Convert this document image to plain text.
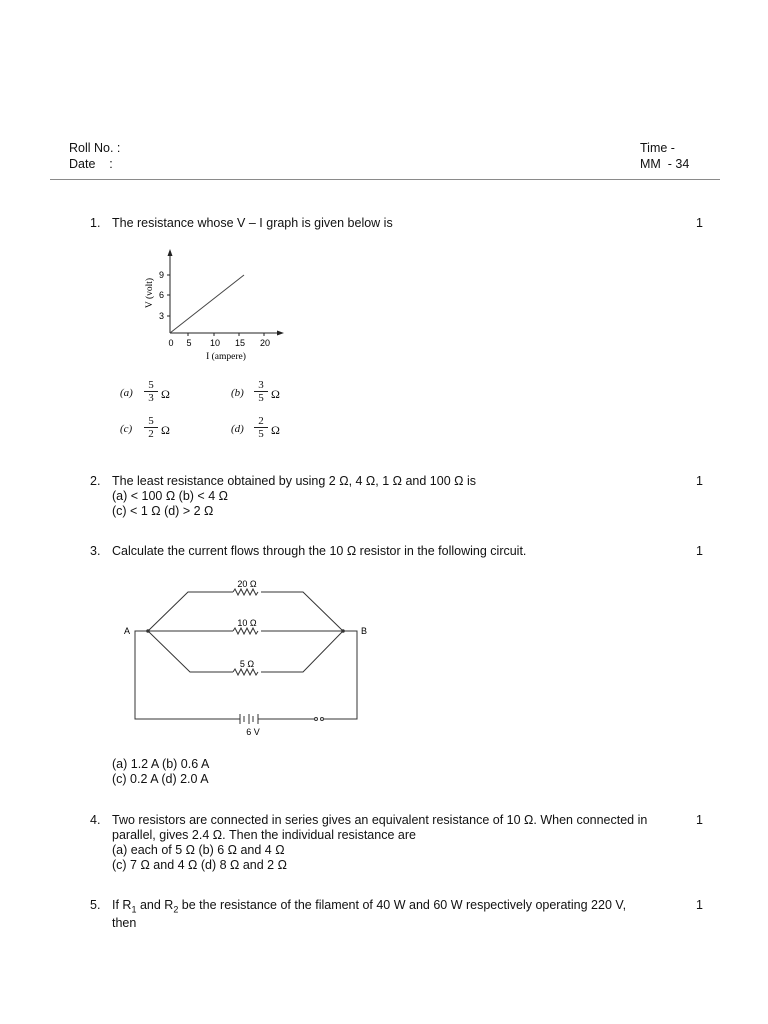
Roll No. :
Date    :
Time -
MM  - 34
1. The resistance whose V – I graph is given below is	1
9
6
3
0 5 10 15 20
I (ampere)
V (volt)
$(a) \frac{5}{3}$ Ω	$(b) \frac{3}{5}$ Ω
$(c) \frac{5}{2}$ Ω	$(d) \frac{2}{5}$ Ω
2. The least resistance obtained by using 2 Ω, 4 Ω, 1 Ω and 100 Ω is	1
(a) < 100 Ω (b) < 4 Ω
(c) < 1 Ω (d) > 2 Ω
3. Calculate the current flows through the 10 Ω resistor in the following circuit.	1
20 Ω
10 Ω
5 Ω
A	B
6 V
(a) 1.2 A (b) 0.6 A
(c) 0.2 A (d) 2.0 A
4. Two resistors are connected in series gives an equivalent resistance of 10 Ω. When connected in	1
parallel, gives 2.4 Ω. Then the individual resistance are
(a) each of 5 Ω (b) 6 Ω and 4 Ω
(c) 7 Ω and 4 Ω (d) 8 Ω and 2 Ω
5. If $R_1$ and $R_2$ be the resistance of the filament of 40 W and 60 W respectively operating 220 V,	1
then
